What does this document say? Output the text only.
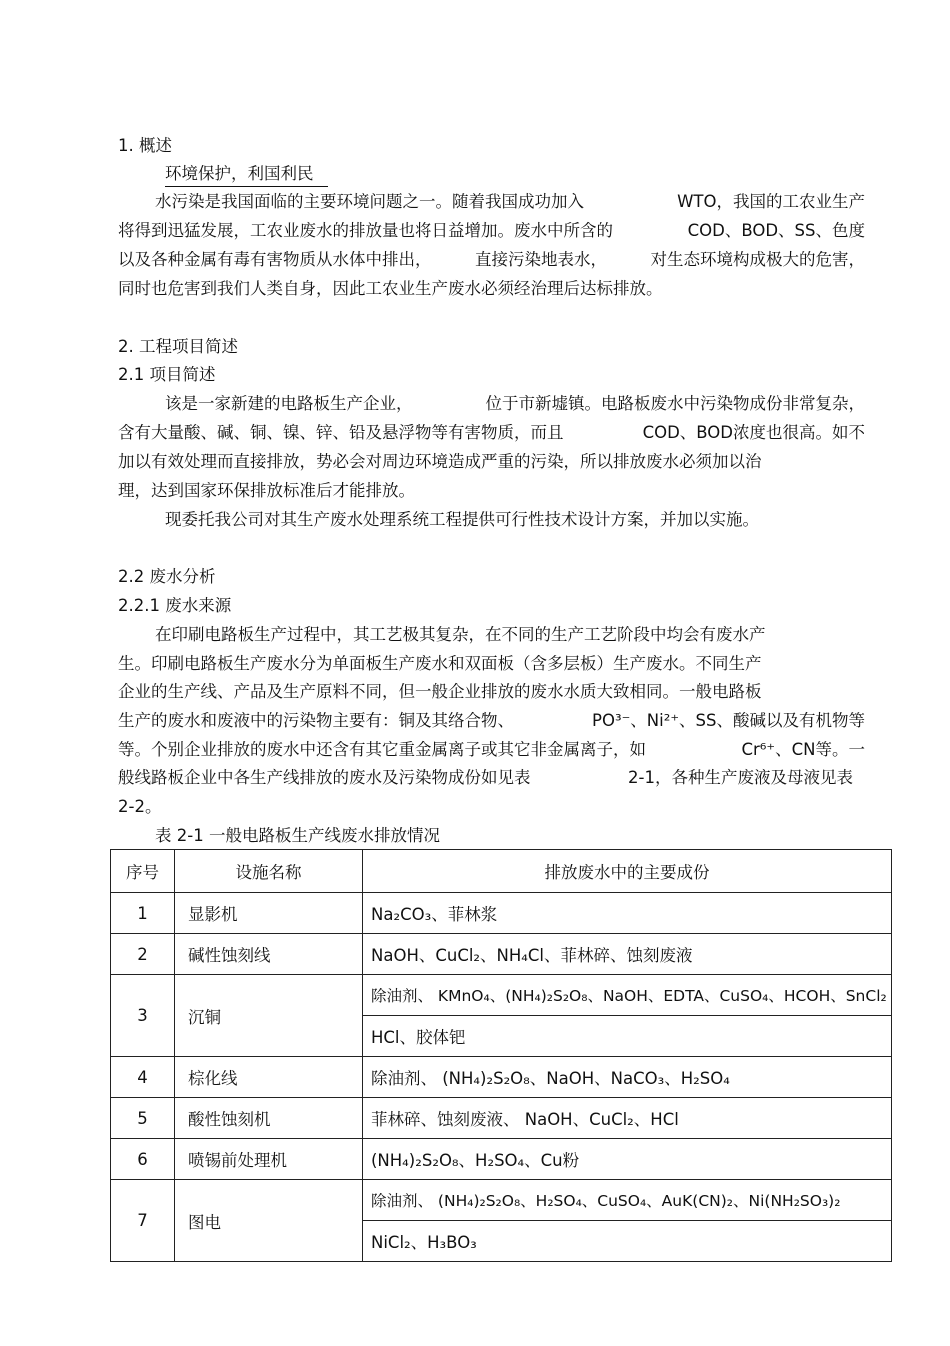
1. 概述
环境保护，利国利民
水污染是我国面临的主要环境问题之一。随着我国成功加入	WTO，我国的工农业生产
将得到迅猛发展，工农业废水的排放量也将日益增加。废水中所含的	COD、BOD、SS、色度
以及各种金属有毒有害物质从水体中排出，	直接污染地表水，	对生态环境构成极大的危害，
同时也危害到我们人类自身，因此工农业生产废水必须经治理后达标排放。
2. 工程项目简述
2.1 项目简述
该是一家新建的电路板生产企业，	位于市新墟镇。电路板废水中污染物成份非常复杂，
含有大量酸、碱、铜、镍、锌、铅及悬浮物等有害物质，而且	COD、BOD浓度也很高。如不
加以有效处理而直接排放，势必会对周边环境造成严重的污染，所以排放废水必须加以治
理，达到国家环保排放标准后才能排放。
现委托我公司对其生产废水处理系统工程提供可行性技术设计方案，并加以实施。
2.2 废水分析
2.2.1 废水来源
在印刷电路板生产过程中，其工艺极其复杂，在不同的生产工艺阶段中均会有废水产
生。印刷电路板生产废水分为单面板生产废水和双面板（含多层板）生产废水。不同生产
企业的生产线、产品及生产原料不同，但一般企业排放的废水水质大致相同。一般电路板
生产的废水和废液中的污染物主要有：铜及其络合物、	PO³⁻、Ni²⁺、SS、酸碱以及有机物等
等。个别企业排放的废水中还含有其它重金属离子或其它非金属离子，如	Cr⁶⁺、CN等。一
般线路板企业中各生产线排放的废水及污染物成份如见表	2-1，各种生产废液及母液见表
2-2。
表 2-1 一般电路板生产线废水排放情况
序号	设施名称	排放废水中的主要成份
1	显影机	Na₂CO₃、菲林浆
2	碱性蚀刻线	NaOH、CuCl₂、NH₄Cl、菲林碎、蚀刻废液
3	沉铜	除油剂、 KMnO₄、(NH₄)₂S₂O₈、NaOH、EDTA、CuSO₄、HCOH、SnCl₂
		HCl、胶体钯
4	棕化线	除油剂、 (NH₄)₂S₂O₈、NaOH、NaCO₃、H₂SO₄
5	酸性蚀刻机	菲林碎、蚀刻废液、 NaOH、CuCl₂、HCl
6	喷锡前处理机	(NH₄)₂S₂O₈、H₂SO₄、Cu粉
7	图电	除油剂、 (NH₄)₂S₂O₈、H₂SO₄、CuSO₄、AuK(CN)₂、Ni(NH₂SO₃)₂
		NiCl₂、H₃BO₃
